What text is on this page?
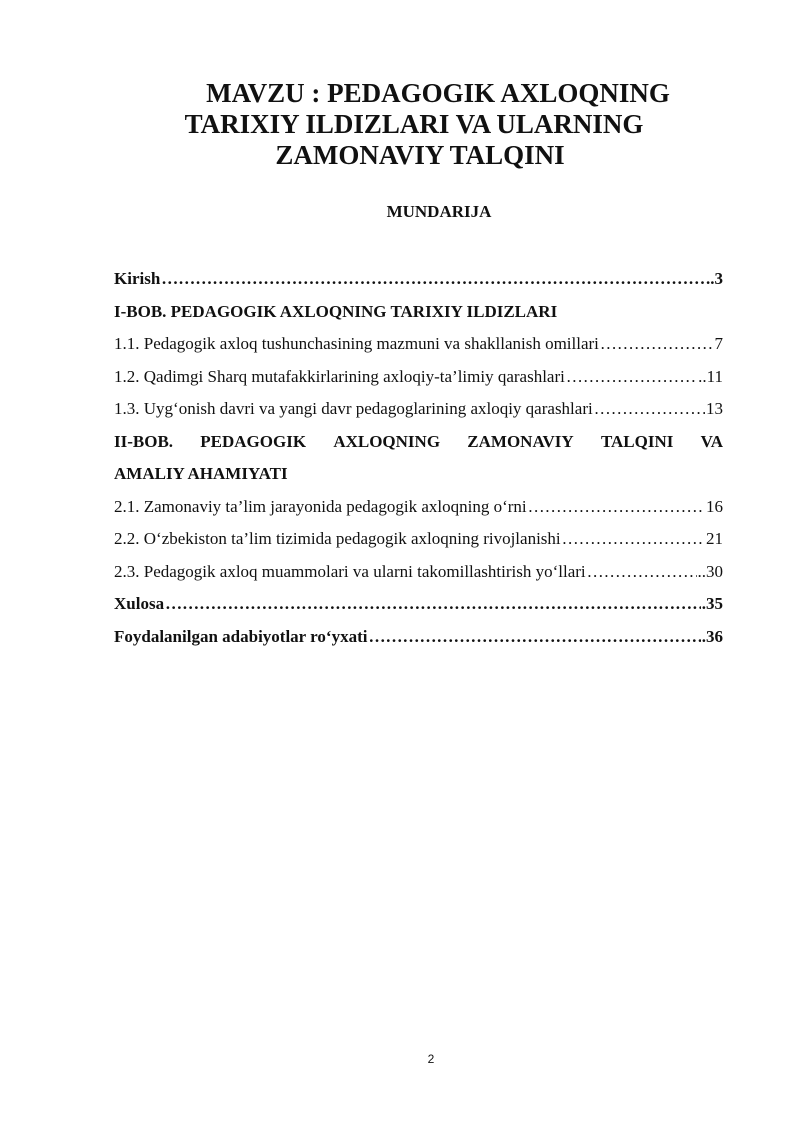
MAVZU : PEDAGOGIK AXLOQNING
TARIXIY ILDIZLARI VA ULARNING
ZAMONAVIY TALQINI
MUNDARIJA
Kirish …………………………………………………………………………………………………………………………………………………	..3
I-BOB. PEDAGOGIK AXLOQNING TARIXIY ILDIZLARI
1.1. Pedagogik axloq tushunchasining mazmuni va shakllanish omillari …………………………………………………………………………………………………………………………………………………	7
1.2. Qadimgi Sharq mutafakkirlarining axloqiy-ta’limiy qarashlari …………………………………………………………………………………………………………………………………………………	..11
1.3. Uyg‘onish davri va yangi davr pedagoglarining axloqiy qarashlari …………………………………………………………………………………………………………………………………………………	13
II-BOB. PEDAGOGIK AXLOQNING ZAMONAVIY TALQINI VA
AMALIY AHAMIYATI
2.1. Zamonaviy ta’lim jarayonida pedagogik axloqning o‘rni …………………………………………………………………………………………………………………………………………………	16
2.2. O‘zbekiston ta’lim tizimida pedagogik axloqning rivojlanishi …………………………………………………………………………………………………………………………………………………	21
2.3. Pedagogik axloq muammolari va ularni takomillashtirish yo‘llari …………………………………………………………………………………………………………………………………………………	..30
Xulosa …………………………………………………………………………………………………………………………………………………	.35
Foydalanilgan adabiyotlar ro‘yxati …………………………………………………………………………………………………………………………………………………	.36
2
